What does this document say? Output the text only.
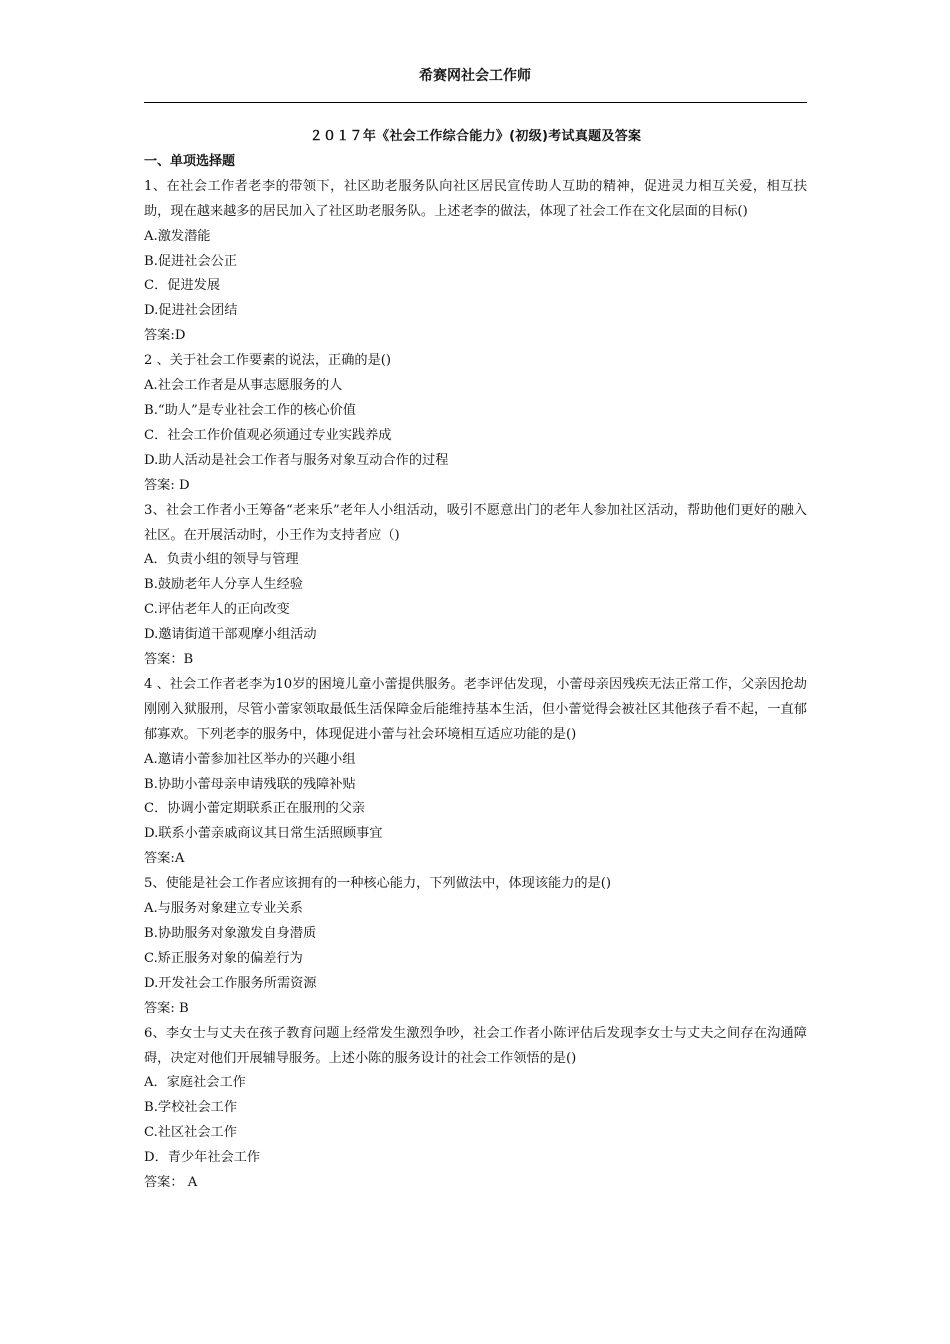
希赛网社会工作师
２０１７年《社会工作综合能力》(初级)考试真题及答案
一、单项选择题
1、在社会工作者老李的带领下，社区助老服务队向社区居民宣传助人互助的精神，促进灵力相互关爱，相互扶助，现在越来越多的居民加入了社区助老服务队。上述老李的做法，体现了社会工作在文化层面的目标()
A.激发潜能
B.促进社会公正
C．促进发展
D.促进社会团结
答案:D
2 、关于社会工作要素的说法，正确的是()
A.社会工作者是从事志愿服务的人
B.“助人”是专业社会工作的核心价值
C．社会工作价值观必须通过专业实践养成
D.助人活动是社会工作者与服务对象互动合作的过程
答案: D
3、社会工作者小王筹备“老来乐”老年人小组活动，吸引不愿意出门的老年人参加社区活动，帮助他们更好的融入社区。在开展活动时，小王作为支持者应（)
A．负责小组的领导与管理
B.鼓励老年人分享人生经验
C.评估老年人的正向改变
D.邀请街道干部观摩小组活动
答案：B
4 、社会工作者老李为10岁的困境儿童小蕾提供服务。老李评估发现，小蕾母亲因残疾无法正常工作，父亲因抢劫刚刚入狱服刑，尽管小蕾家领取最低生活保障金后能维持基本生活，但小蕾觉得会被社区其他孩子看不起，一直郁郁寡欢。下列老李的服务中，体现促进小蕾与社会环境相互适应功能的是()
A.邀请小蕾参加社区举办的兴趣小组
B.协助小蕾母亲申请残联的残障补贴
C．协调小蕾定期联系正在服刑的父亲
D.联系小蕾亲戚商议其日常生活照顾事宜
答案:A
5、使能是社会工作者应该拥有的一种核心能力，下列做法中，体现该能力的是()
A.与服务对象建立专业关系
B.协助服务对象激发自身潜质
C.矫正服务对象的偏差行为
D.开发社会工作服务所需资源
答案: B
6、李女士与丈夫在孩子教育问题上经常发生激烈争吵，社会工作者小陈评估后发现李女士与丈夫之间存在沟通障碍，决定对他们开展辅导服务。上述小陈的服务设计的社会工作领悟的是()
A．家庭社会工作
B.学校社会工作
C.社区社会工作
D．青少年社会工作
答案： A
